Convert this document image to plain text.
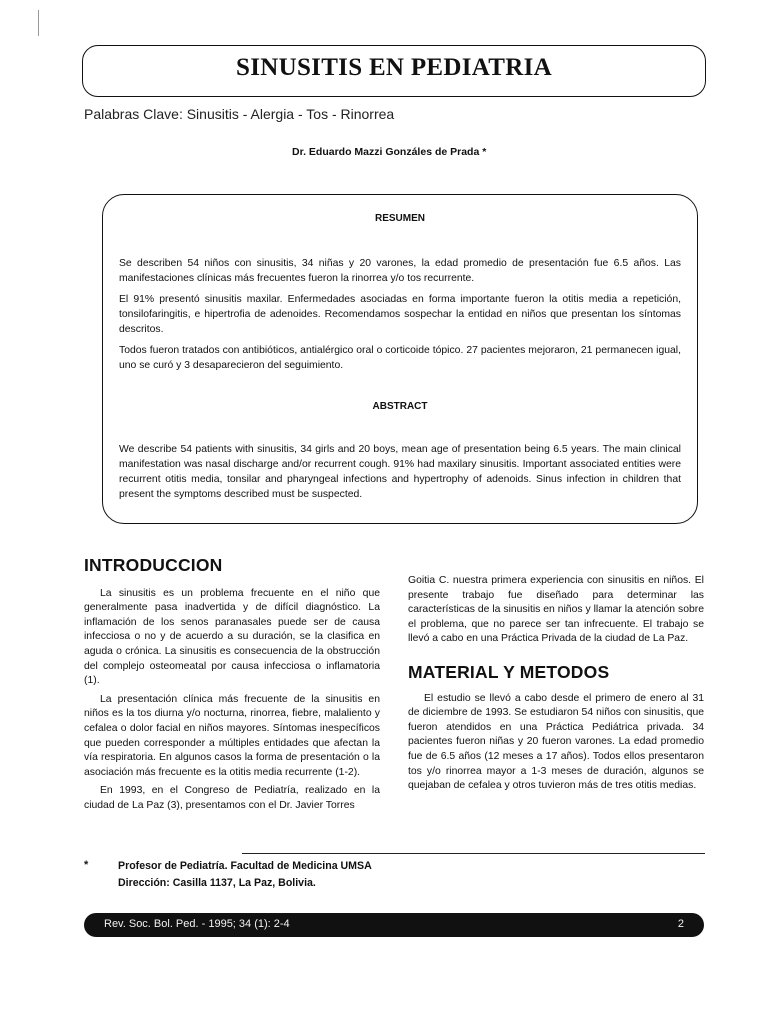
SINUSITIS EN PEDIATRIA
Palabras Clave: Sinusitis - Alergia - Tos - Rinorrea
Dr. Eduardo Mazzi Gonzáles de Prada *
RESUMEN

Se describen 54 niños con sinusitis, 34 niñas y 20 varones, la edad promedio de presentación fue 6.5 años. Las manifestaciones clínicas más frecuentes fueron la rinorrea y/o tos recurrente.

El 91% presentó sinusitis maxilar. Enfermedades asociadas en forma importante fueron la otitis media a repetición, tonsilofaringitis, e hipertrofia de adenoides. Recomendamos sospechar la entidad en niños que presentan los síntomas descritos.

Todos fueron tratados con antibióticos, antialérgico oral o corticoide tópico. 27 pacientes mejoraron, 21 permanecen igual, uno se curó y 3 desaparecieron del seguimiento.

ABSTRACT

We describe 54 patients with sinusitis, 34 girls and 20 boys, mean age of presentation being 6.5 years. The main clinical manifestation was nasal discharge and/or recurrent cough. 91% had maxilary sinusitis. Important associated entities were recurrent otitis media, tonsilar and pharyngeal infections and hypertrophy of adenoids. Sinus infection in children that present the symptoms described must be suspected.

INTRODUCCION

La sinusitis es un problema frecuente en el niño que generalmente pasa inadvertida y de difícil diagnóstico. La inflamación de los senos paranasales puede ser de causa infecciosa o no y de acuerdo a su duración, se la clasifica en aguda o crónica. La sinusitis es consecuencia de la obstrucción del complejo osteomeatal por causa infecciosa o inflamatoria (1).

La presentación clínica más frecuente de la sinusitis en niños es la tos diurna y/o nocturna, rinorrea, fiebre, malaliento y cefalea o dolor facial en niños mayores. Síntomas inespecíficos que pueden corresponder a múltiples entidades que afectan la vía respiratoria. En algunos casos la forma de presentación o la asociación más frecuente es la otitis media recurrente (1-2).

En 1993, en el Congreso de Pediatría, realizado en la ciudad de La Paz (3), presentamos con el Dr. Javier Torres

Goitia C. nuestra primera experiencia con sinusitis en niños. El presente trabajo fue diseñado para determinar las características de la sinusitis en niños y llamar la atención sobre el problema, que no parece ser tan infrecuente. El trabajo se llevó a cabo en una Práctica Privada de la ciudad de La Paz.

MATERIAL Y METODOS

El estudio se llevó a cabo desde el primero de enero al 31 de diciembre de 1993. Se estudiaron 54 niños con sinusitis, que fueron atendidos en una Práctica Pediátrica privada. 34 pacientes fueron niñas y 20 fueron varones. La edad promedio fue de 6.5 años (12 meses a 17 años). Todos ellos presentaron tos y/o rinorrea mayor a 1-3 meses de duración, algunos se quejaban de cefalea y otros tuvieron más de tres otitis medias.

*	Profesor de Pediatría. Facultad de Medicina UMSA
Dirección: Casilla 1137, La Paz, Bolivia.
Rev. Soc. Bol. Ped. - 1995; 34 (1): 2-4	2
